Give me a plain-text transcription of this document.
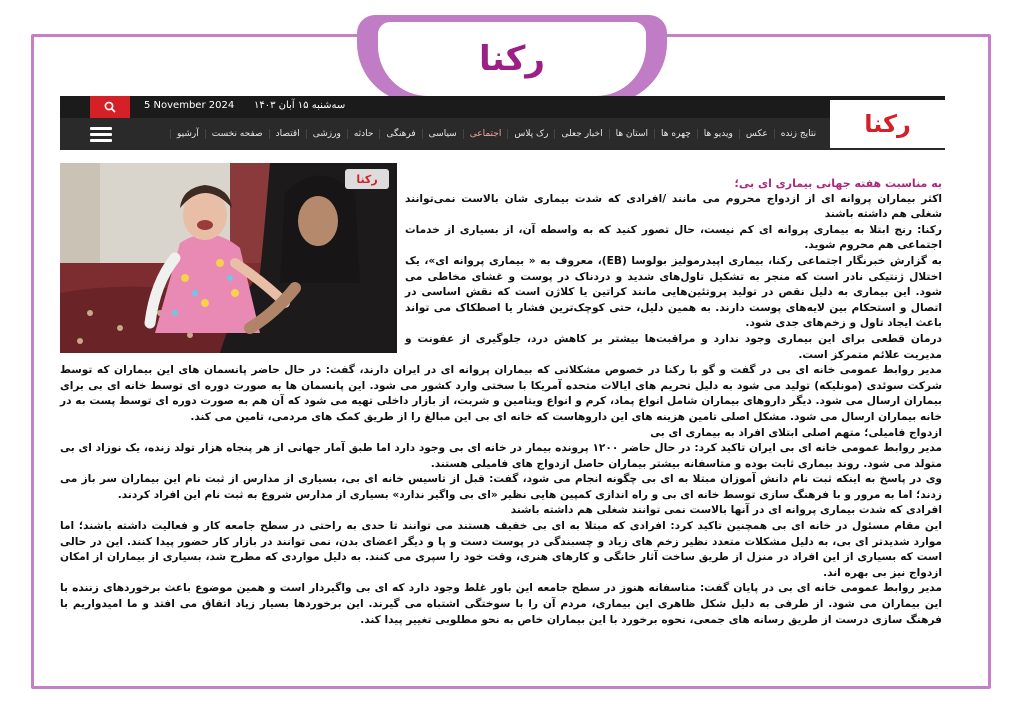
رکنا
5 November 2024 سه‌شنبه ۱۵ آبان ۱۴۰۳
آرشیو	صفحه نخست	اقتصاد	ورزشی	حادثه	فرهنگی	سیاسی	اجتماعی	رک پلاس	اخبار جعلی	استان ها	چهره ها	ویدیو ها	عکس	نتایج زنده رکنا
رکنا	به مناسبت هفته جهانی بیماری ای بی؛

اکثر بیماران پروانه ای از ازدواج محروم می مانند /افرادی که شدت بیماری شان بالاست نمی‌توانند شغلی هم داشته باشند

رکنا: رنج ابتلا به بیماری پروانه ای کم نیست، حال تصور کنید که به واسطه آن، از بسیاری از خدمات اجتماعی هم محروم شوید.

به گزارش خبرنگار اجتماعی رکنا، بیماری اپیدرمولیز بولوسا (EB)، معروف به « بیماری پروانه ای»، یک اختلال ژنتیکی نادر است که منجر به تشکیل تاول‌های شدید و دردناک در پوست و غشای مخاطی می شود. این بیماری به دلیل نقص در تولید پروتئین‌هایی مانند کراتین یا کلاژن است که نقش اساسی در اتصال و استحکام بین لایه‌های پوست دارند. به همین دلیل، حتی کوچک‌ترین فشار یا اصطکاک می تواند باعث ایجاد تاول و زخم‌های جدی شود.

درمان قطعی برای این بیماری وجود ندارد و مراقبت‌ها بیشتر بر کاهش درد، جلوگیری از عفونت و مدیریت علائم متمرکز است.

مدیر روابط عمومی خانه ای بی در گفت و گو با رکنا در خصوص مشکلاتی که بیماران پروانه ای در ایران دارند، گفت: در حال حاضر پانسمان های این بیماران که توسط شرکت سوئدی (مونلیکه) تولید می شود به دلیل تحریم های ایالات متحده آمریکا با سختی وارد کشور می شود. این پانسمان ها به صورت دوره ای توسط خانه ای بی برای بیماران ارسال می شود. دیگر داروهای بیماران شامل انواع پماد، کرم و انواع ویتامین و شربت، از بازار داخلی تهیه می شود که آن هم به صورت دوره ای توسط پست به در خانه بیماران ارسال می شود. مشکل اصلی تامین هزینه های این داروهاست که خانه ای بی این مبالغ را از طریق کمک های مردمی، تامین می کند.

ازدواج فامیلی؛ متهم اصلی ابتلای افراد به بیماری ای بی

مدیر روابط عمومی خانه ای بی ایران تاکید کرد: در حال حاضر ۱۲۰۰ پرونده بیمار در خانه ای بی وجود دارد اما طبق آمار جهانی از هر پنجاه هزار تولد زنده، یک نوزاد ای بی متولد می شود. روند بیماری ثابت بوده و متاسفانه بیشتر بیماران حاصل ازدواج های فامیلی هستند.

وی در پاسخ به اینکه ثبت نام دانش آموزان مبتلا به ای بی چگونه انجام می شود، گفت: قبل از تاسیس خانه ای بی، بسیاری از مدارس از ثبت نام این بیماران سر باز می زدند؛ اما به مرور و با فرهنگ سازی توسط خانه ای بی و راه اندازی کمپین هایی نظیر «ای بی واگیر ندارد» بسیاری از مدارس شروع به ثبت نام این افراد کردند.

افرادی که شدت بیماری پروانه ای در آنها بالاست نمی توانند شغلی هم داشته باشند

این مقام مسئول در خانه ای بی همچنین تاکید کرد: افرادی که مبتلا به ای بی خفیف هستند می توانند تا حدی به راحتی در سطح جامعه کار و فعالیت داشته باشند؛ اما موارد شدیدتر ای بی، به دلیل مشکلات متعدد نظیر زخم های زیاد و چسبندگی در پوست دست و پا و دیگر اعضای بدن، نمی توانند در بازار کار حضور پیدا کنند. این در حالی است که بسیاری از این افراد در منزل از طریق ساخت آثار خانگی و کارهای هنری، وقت خود را سپری می کنند. به دلیل مواردی که مطرح شد، بسیاری از بیماران از امکان ازدواج نیز بی بهره اند.

مدیر روابط عمومی خانه ای بی در پایان گفت: متاسفانه هنوز در سطح جامعه این باور غلط وجود دارد که ای بی واگیردار است و همین موضوع باعث برخوردهای زننده با این بیماران می شود. از طرفی به دلیل شکل ظاهری این بیماری، مردم آن را با سوختگی اشتباه می گیرند. این برخوردها بسیار زیاد اتفاق می افتد و ما امیدواریم با فرهنگ سازی درست از طریق رسانه های جمعی، نحوه برخورد با این بیماران خاص به نحو مطلوبی تغییر پیدا کند.
